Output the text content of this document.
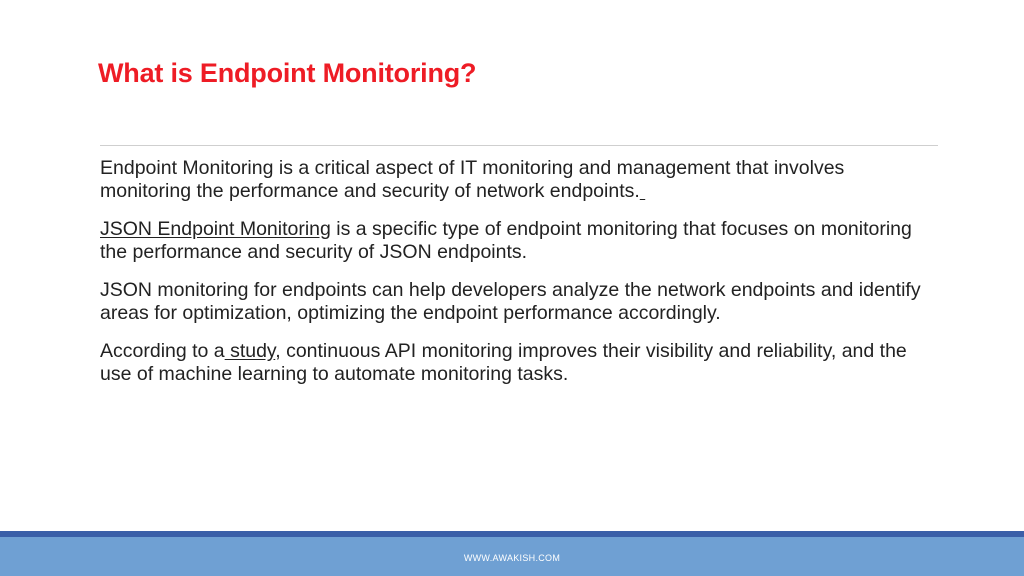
What is Endpoint Monitoring?

Endpoint Monitoring is a critical aspect of IT monitoring and management that involves monitoring the performance and security of network endpoints.

JSON Endpoint Monitoring is a specific type of endpoint monitoring that focuses on monitoring the performance and security of JSON endpoints.

JSON monitoring for endpoints can help developers analyze the network endpoints and identify areas for optimization, optimizing the endpoint performance accordingly.

According to a study, continuous API monitoring improves their visibility and reliability, and the use of machine learning to automate monitoring tasks.

WWW.AWAKISH.COM
